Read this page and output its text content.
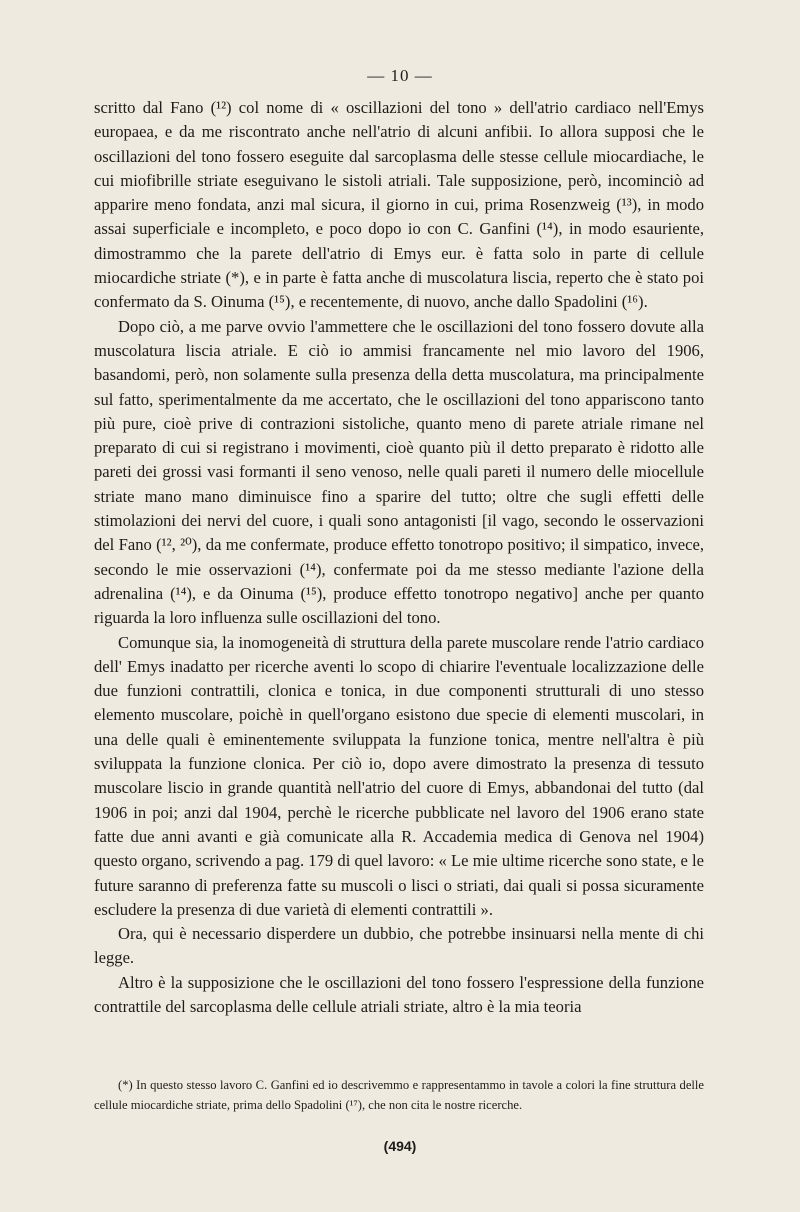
— 10 —

scritto dal Fano (¹²) col nome di « oscillazioni del tono » dell'atrio cardiaco nell'Emys europaea, e da me riscontrato anche nell'atrio di alcuni anfibii. Io allora supposi che le oscillazioni del tono fossero eseguite dal sarcoplasma delle stesse cellule miocardiache, le cui miofibrille striate eseguivano le sistoli atriali. Tale supposizione, però, incominciò ad apparire meno fondata, anzi mal sicura, il giorno in cui, prima Rosenzweig (¹³), in modo assai superficiale e incompleto, e poco dopo io con C. Ganfini (¹⁴), in modo esauriente, dimostrammo che la parete dell'atrio di Emys eur. è fatta solo in parte di cellule miocardiche striate (*), e in parte è fatta anche di muscolatura liscia, reperto che è stato poi confermato da S. Oinuma (¹⁵), e recentemente, di nuovo, anche dallo Spadolini (¹⁶).

Dopo ciò, a me parve ovvio l'ammettere che le oscillazioni del tono fossero dovute alla muscolatura liscia atriale. E ciò io ammisi francamente nel mio lavoro del 1906, basandomi, però, non solamente sulla presenza della detta muscolatura, ma principalmente sul fatto, sperimentalmente da me accertato, che le oscillazioni del tono appariscono tanto più pure, cioè prive di contrazioni sistoliche, quanto meno di parete atriale rimane nel preparato di cui si registrano i movimenti, cioè quanto più il detto preparato è ridotto alle pareti dei grossi vasi formanti il seno venoso, nelle quali pareti il numero delle miocellule striate mano mano diminuisce fino a sparire del tutto; oltre che sugli effetti delle stimolazioni dei nervi del cuore, i quali sono antagonisti [il vago, secondo le osservazioni del Fano (¹², ²⁰), da me confermate, produce effetto tonotropo positivo; il simpatico, invece, secondo le mie osservazioni (¹⁴), confermate poi da me stesso mediante l'azione della adrenalina (¹⁴), e da Oinuma (¹⁵), produce effetto tonotropo negativo] anche per quanto riguarda la loro influenza sulle oscillazioni del tono.

Comunque sia, la inomogeneità di struttura della parete muscolare rende l'atrio cardiaco dell' Emys inadatto per ricerche aventi lo scopo di chiarire l'eventuale localizzazione delle due funzioni contrattili, clonica e tonica, in due componenti strutturali di uno stesso elemento muscolare, poichè in quell'organo esistono due specie di elementi muscolari, in una delle quali è eminentemente sviluppata la funzione tonica, mentre nell'altra è più sviluppata la funzione clonica. Per ciò io, dopo avere dimostrato la presenza di tessuto muscolare liscio in grande quantità nell'atrio del cuore di Emys, abbandonai del tutto (dal 1906 in poi; anzi dal 1904, perchè le ricerche pubblicate nel lavoro del 1906 erano state fatte due anni avanti e già comunicate alla R. Accademia medica di Genova nel 1904) questo organo, scrivendo a pag. 179 di quel lavoro: « Le mie ultime ricerche sono state, e le future saranno di preferenza fatte su muscoli o lisci o striati, dai quali si possa sicuramente escludere la presenza di due varietà di elementi contrattili ».

Ora, qui è necessario disperdere un dubbio, che potrebbe insinuarsi nella mente di chi legge.

Altro è la supposizione che le oscillazioni del tono fossero l'espressione della funzione contrattile del sarcoplasma delle cellule atriali striate, altro è la mia teoria

(*) In questo stesso lavoro C. Ganfini ed io descrivemmo e rappresentammo in tavole a colori la fine struttura delle cellule miocardiche striate, prima dello Spadolini (¹⁷), che non cita le nostre ricerche.
(494)
